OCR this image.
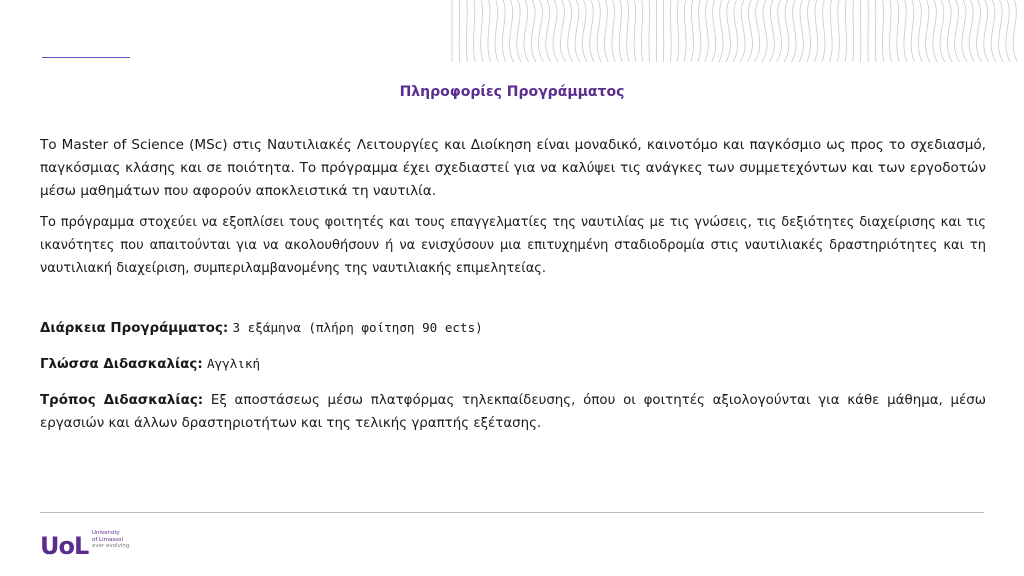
Πληροφορίες Προγράμματος

Το Master of Science (MSc) στις Ναυτιλιακές Λειτουργίες και Διοίκηση είναι μοναδικό, καινοτόμο και παγκόσμιο ως προς το σχεδιασμό, παγκόσμιας κλάσης και σε ποιότητα. Το πρόγραμμα έχει σχεδιαστεί για να καλύψει τις ανάγκες των συμμετεχόντων και των εργοδοτών μέσω μαθημάτων που αφορούν αποκλειστικά τη ναυτιλία.

Το πρόγραμμα στοχεύει να εξοπλίσει τους φοιτητές και τους επαγγελματίες της ναυτιλίας με τις γνώσεις, τις δεξιότητες διαχείρισης και τις ικανότητες που απαιτούνται για να ακολουθήσουν ή να ενισχύσουν μια επιτυχημένη σταδιοδρομία στις ναυτιλιακές δραστηριότητες και τη ναυτιλιακή διαχείριση, συμπεριλαμβανομένης της ναυτιλιακής επιμελητείας.

Διάρκεια Προγράμματος: 3 εξάμηνα (πλήρη φοίτηση 90 ects)

Γλώσσα Διδασκαλίας: Αγγλική

Τρόπος Διδασκαλίας: Εξ αποστάσεως μέσω πλατφόρμας τηλεκπαίδευσης, όπου οι φοιτητές αξιολογούνται για κάθε μάθημα, μέσω εργασιών και άλλων δραστηριοτήτων και της τελικής γραπτής εξέτασης.

UoL University
of Limassol
ever evolving
